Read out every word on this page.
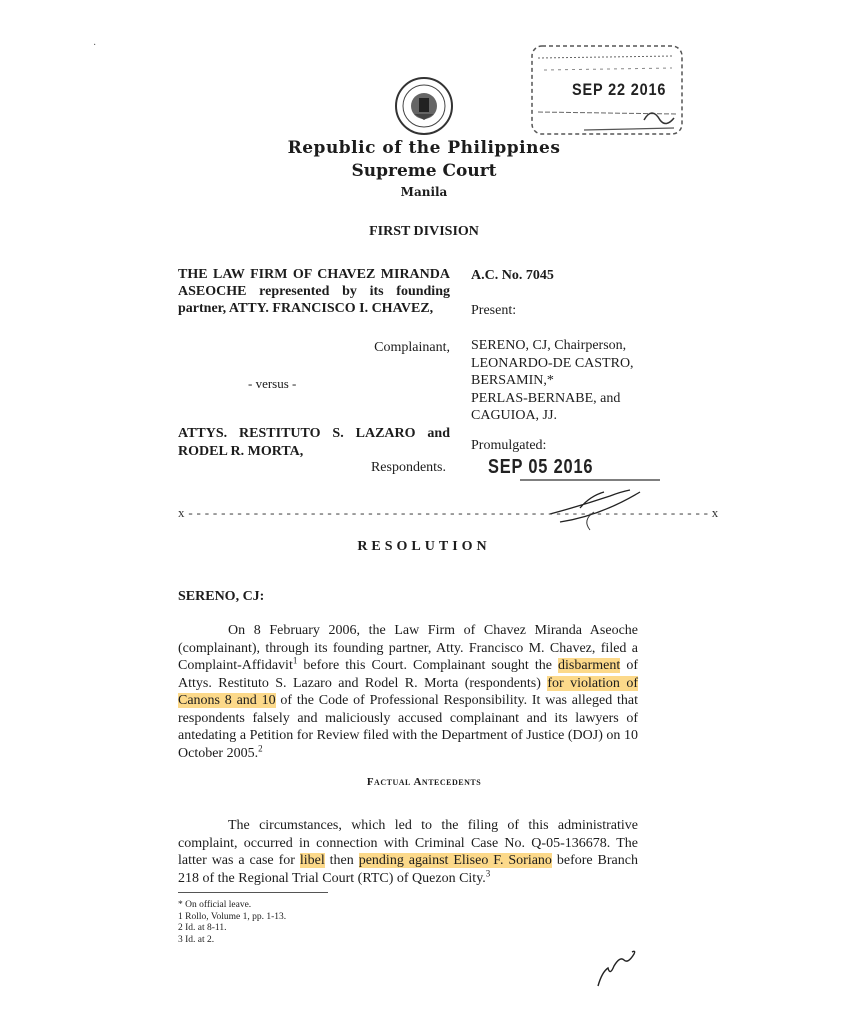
·
SEP 22 2016
Republic of the Philippines
Supreme Court
Manila
FIRST DIVISION
THE LAW FIRM OF CHAVEZ MIRANDA ASEOCHE represented by its founding partner, ATTY. FRANCISCO I. CHAVEZ,
Complainant,
- versus -
ATTYS. RESTITUTO S. LAZARO and RODEL R. MORTA,
Respondents.
A.C. No. 7045
Present:
SERENO, CJ, Chairperson,
LEONARDO-DE CASTRO,
BERSAMIN,*
PERLAS-BERNABE, and
CAGUIOA, JJ.
Promulgated:
SEP 05 2016
x - - - - - - - - - - - - - - - - - - - - - - - - - - - - - - - - - - - - - - - - - - - - - - - - - - - - - - - - - - - - - - - - x
RESOLUTION
SERENO, CJ:
On 8 February 2006, the Law Firm of Chavez Miranda Aseoche (complainant), through its founding partner, Atty. Francisco M. Chavez, filed a Complaint-Affidavit$^1$ before this Court. Complainant sought the disbarment of Attys. Restituto S. Lazaro and Rodel R. Morta (respondents) for violation of Canons 8 and 10 of the Code of Professional Responsibility. It was alleged that respondents falsely and maliciously accused complainant and its lawyers of antedating a Petition for Review filed with the Department of Justice (DOJ) on 10 October 2005.$^2$
Factual Antecedents
The circumstances, which led to the filing of this administrative complaint, occurred in connection with Criminal Case No. Q-05-136678. The latter was a case for libel then pending against Eliseo F. Soriano before Branch 218 of the Regional Trial Court (RTC) of Quezon City.$^3$
* On official leave.
1 Rollo, Volume 1, pp. 1-13.
2 Id. at 8-11.
3 Id. at 2.
